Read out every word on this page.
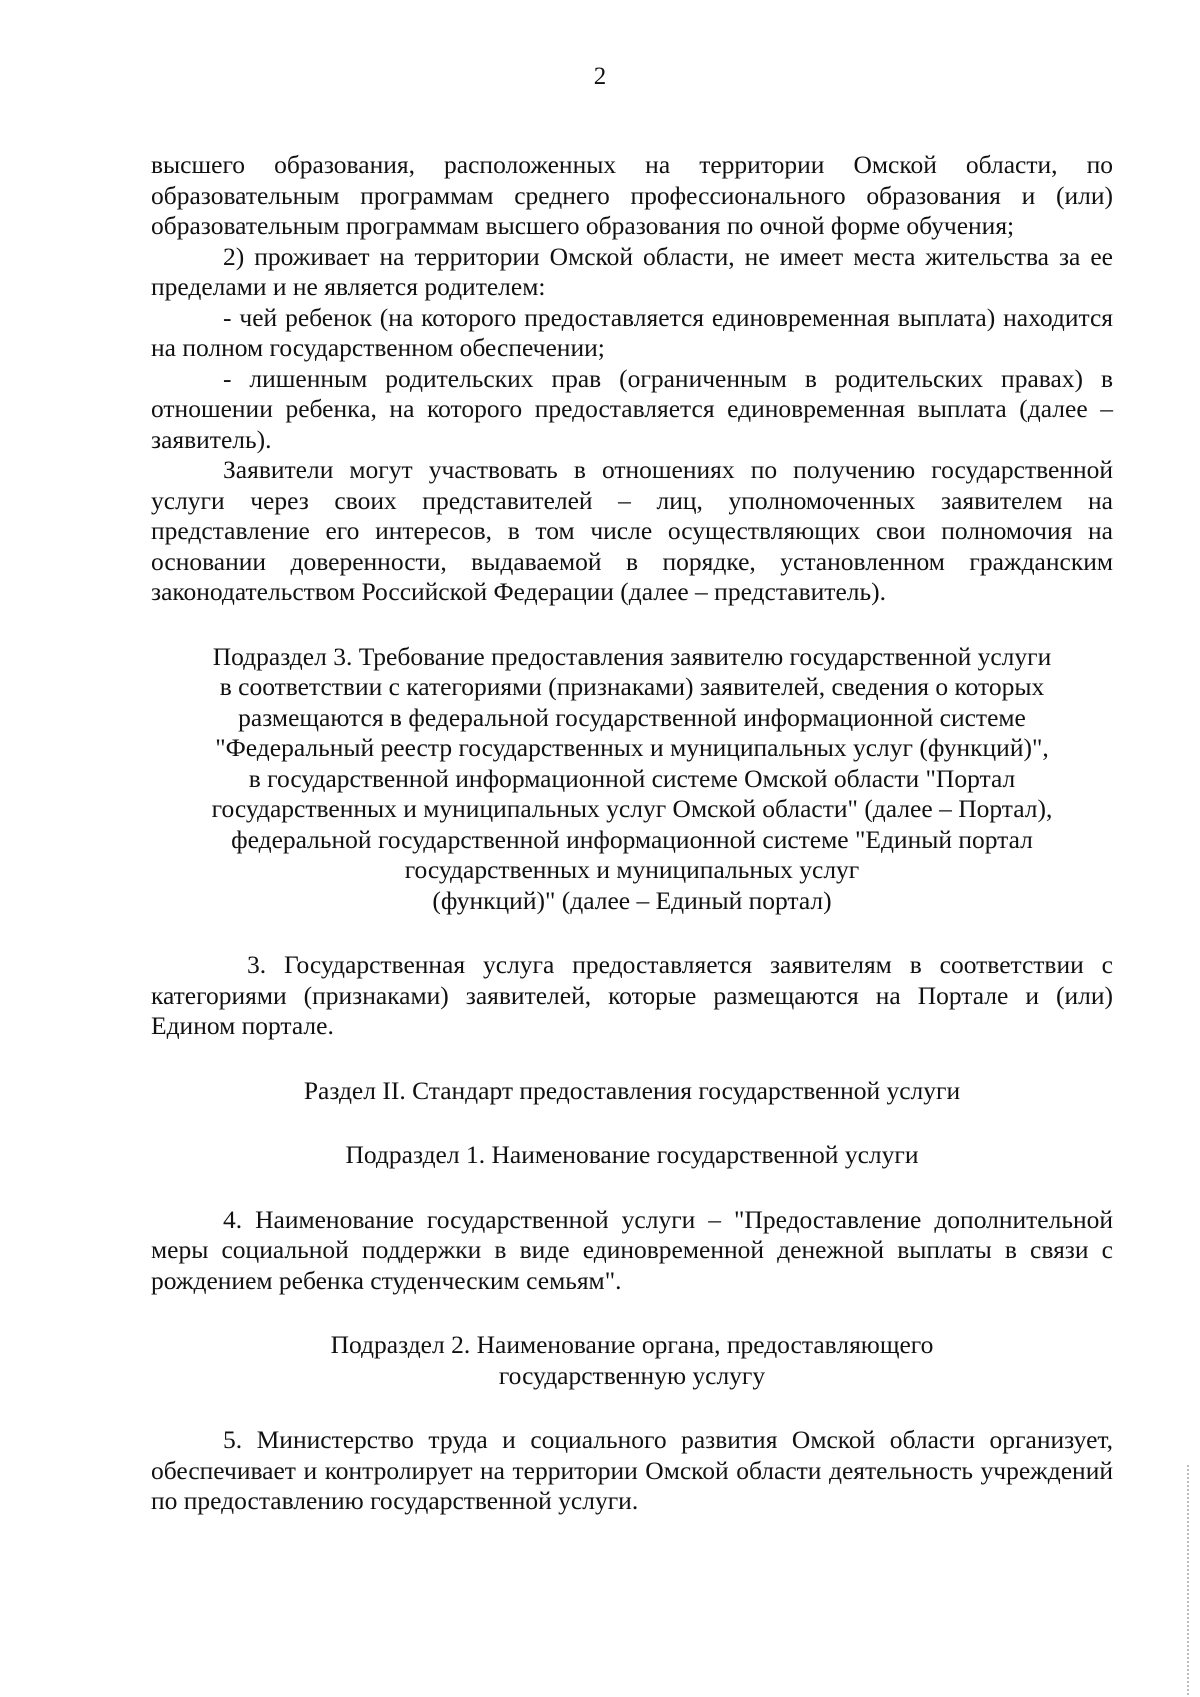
2

высшего образования, расположенных на территории Омской области, по образовательным программам среднего профессионального образования и (или) образовательным программам высшего образования по очной форме обучения;

2) проживает на территории Омской области, не имеет места жительства за ее пределами и не является родителем:

- чей ребенок (на которого предоставляется единовременная выплата) находится на полном государственном обеспечении;

- лишенным родительских прав (ограниченным в родительских правах) в отношении ребенка, на которого предоставляется единовременная выплата (далее – заявитель).

Заявители могут участвовать в отношениях по получению государственной услуги через своих представителей – лиц, уполномоченных заявителем на представление его интересов, в том числе осуществляющих свои полномочия на основании доверенности, выдаваемой в порядке, установленном гражданским законодательством Российской Федерации (далее – представитель).

Подраздел 3. Требование предоставления заявителю государственной услуги
в соответствии с категориями (признаками) заявителей, сведения о которых
размещаются в федеральной государственной информационной системе
"Федеральный реестр государственных и муниципальных услуг (функций)",
в государственной информационной системе Омской области "Портал
государственных и муниципальных услуг Омской области" (далее – Портал),
федеральной государственной информационной системе "Единый портал
государственных и муниципальных услуг
(функций)" (далее – Единый портал)

3. Государственная услуга предоставляется заявителям в соответствии с категориями (признаками) заявителей, которые размещаются на Портале и (или) Едином портале.

Раздел II. Стандарт предоставления государственной услуги
Подраздел 1. Наименование государственной услуги

4. Наименование государственной услуги – "Предоставление дополнительной меры социальной поддержки в виде единовременной денежной выплаты в связи с рождением ребенка студенческим семьям".

Подраздел 2. Наименование органа, предоставляющего
государственную услугу

5. Министерство труда и социального развития Омской области организует, обеспечивает и контролирует на территории Омской области деятельность учреждений по предоставлению государственной услуги.
